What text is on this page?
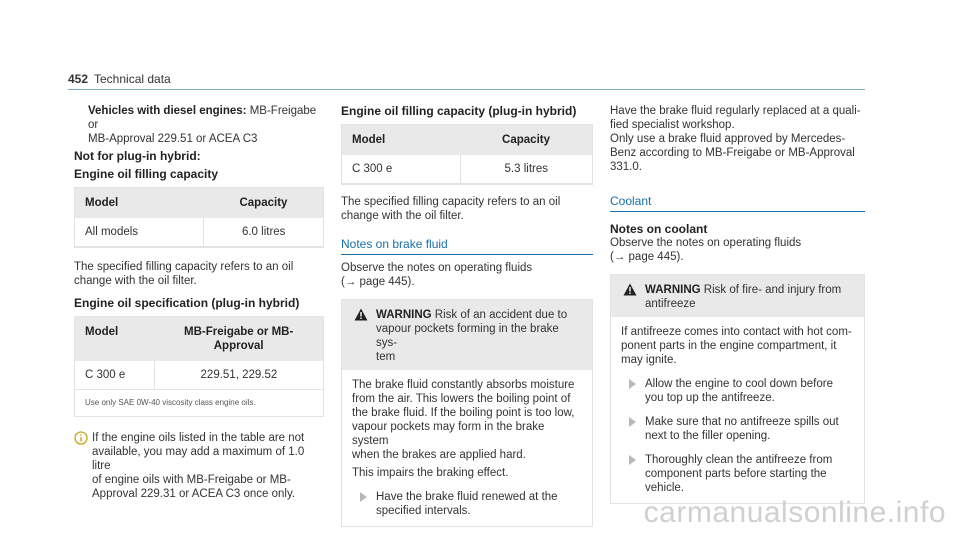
452 Technical data

Vehicles with diesel engines: MB-Freigabe or

MB-Approval 229.51 or ACEA C3

Not for plug-in hybrid:

Engine oil filling capacity

Model	Capacity
All models	6.0 litres

The specified filling capacity refers to an oil

change with the oil filter.

Engine oil specification (plug-in hybrid)

Model	MB-Freigabe or MB-
Approval

C 300 e	229.51, 229.52
Use only SAE 0W-40 viscosity class engine oils.

If the engine oils listed in the table are not

available, you may add a maximum of 1.0 litre

of engine oils with MB-Freigabe or MB-

Approval 229.31 or ACEA C3 once only.

Engine oil filling capacity (plug-in hybrid)

Model	Capacity
C 300 e	5.3 litres

The specified filling capacity refers to an oil

change with the oil filter.

Notes on brake fluid

Observe the notes on operating fluids

(→ page 445).

WARNING Risk of an accident due to

vapour pockets forming in the brake sys-

tem

The brake fluid constantly absorbs moisture

from the air. This lowers the boiling point of

the brake fluid. If the boiling point is too low,

vapour pockets may form in the brake system

when the brakes are applied hard.

This impairs the braking effect.

Have the brake fluid renewed at the

specified intervals.

Have the brake fluid regularly replaced at a quali-

fied specialist workshop.

Only use a brake fluid approved by Mercedes-

Benz according to MB-Freigabe or MB-Approval

331.0.

Coolant

Notes on coolant

Observe the notes on operating fluids

(→ page 445).

WARNING Risk of fire- and injury from

antifreeze

If antifreeze comes into contact with hot com-

ponent parts in the engine compartment, it

may ignite.

Allow the engine to cool down before

you top up the antifreeze.

Make sure that no antifreeze spills out

next to the filler opening.

Thoroughly clean the antifreeze from

component parts before starting the

vehicle.

carmanualsonline.info
